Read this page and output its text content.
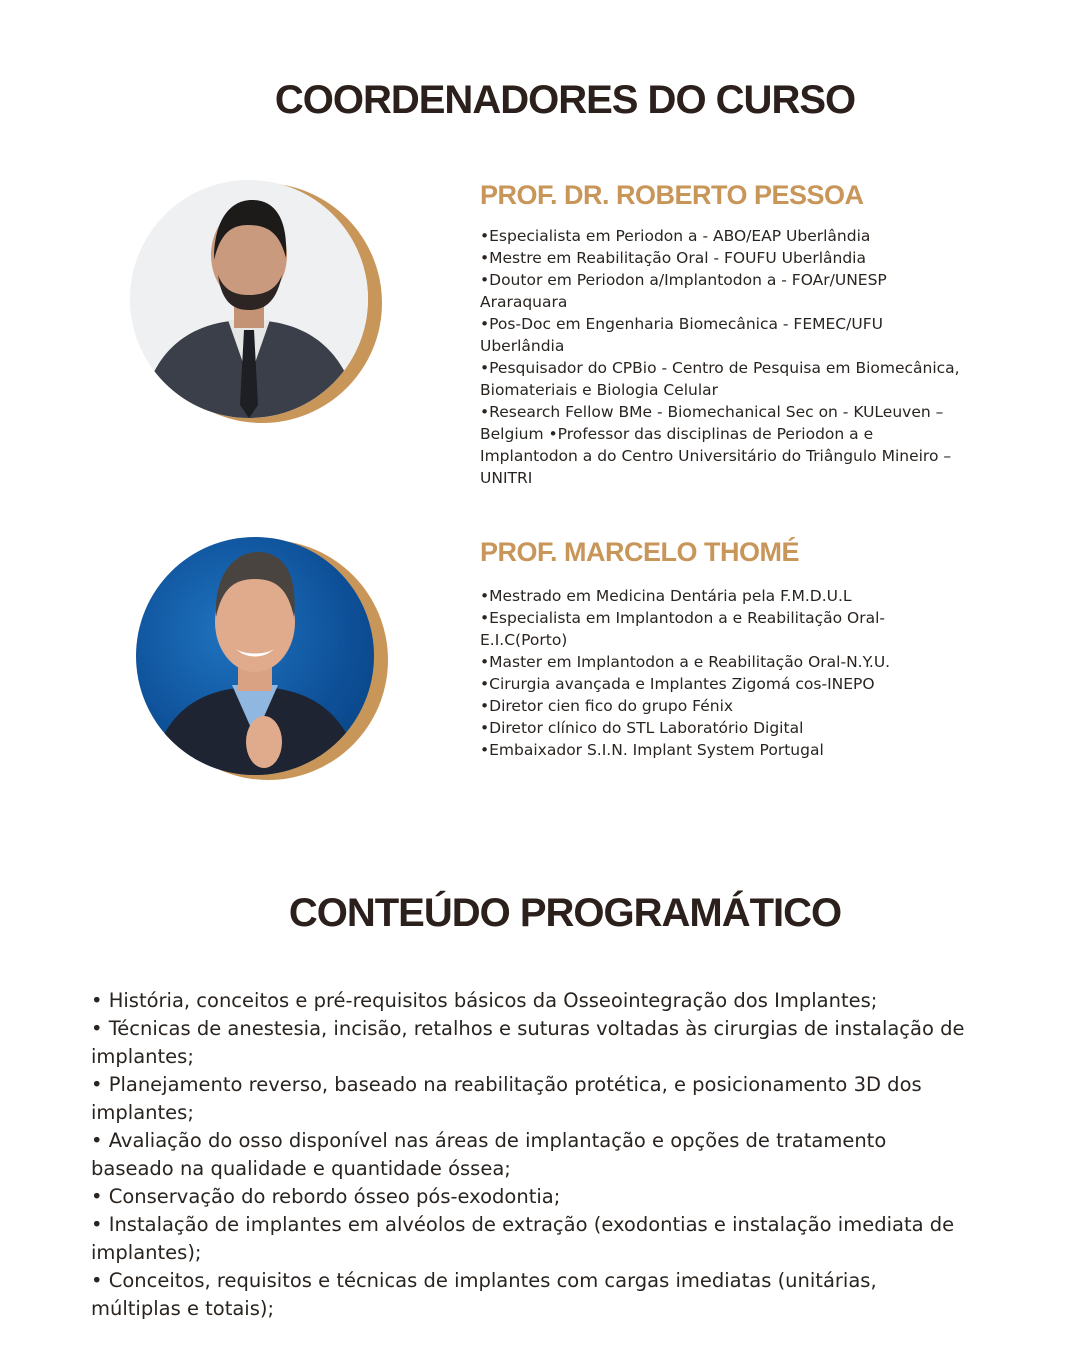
COORDENADORES DO CURSO
PROF. DR. ROBERTO PESSOA
•Especialista em Periodon a - ABO/EAP Uberlândia
•Mestre em Reabilitação Oral - FOUFU Uberlândia
•Doutor em Periodon a/Implantodon a - FOAr/UNESP Araraquara
•Pos-Doc em Engenharia Biomecânica - FEMEC/UFU Uberlândia
•Pesquisador do CPBio - Centro de Pesquisa em Biomecânica, Biomateriais e Biologia Celular
•Research Fellow BMe - Biomechanical Sec on - KULeuven – Belgium •Professor das disciplinas de Periodon a e Implantodon a do Centro Universitário do Triângulo Mineiro – UNITRI
PROF. MARCELO THOMÉ
•Mestrado em Medicina Dentária pela F.M.D.U.L
•Especialista em Implantodon a e Reabilitação Oral-E.I.C(Porto)
•Master em Implantodon a e Reabilitação Oral-N.Y.U.
•Cirurgia avançada e Implantes Zigomá cos-INEPO
•Diretor cien fico do grupo Fénix
•Diretor clínico do STL Laboratório Digital
•Embaixador S.I.N. Implant System Portugal
CONTEÚDO PROGRAMÁTICO
• História, conceitos e pré-requisitos básicos da Osseointegração dos Implantes;
• Técnicas de anestesia, incisão, retalhos e suturas voltadas às cirurgias de instalação de implantes;
• Planejamento reverso, baseado na reabilitação protética, e posicionamento 3D dos implantes;
• Avaliação do osso disponível nas áreas de implantação e opções de tratamento baseado na qualidade e quantidade óssea;
• Conservação do rebordo ósseo pós-exodontia;
• Instalação de implantes em alvéolos de extração (exodontias e instalação imediata de implantes);
• Conceitos, requisitos e técnicas de implantes com cargas imediatas (unitárias, múltiplas e totais);
